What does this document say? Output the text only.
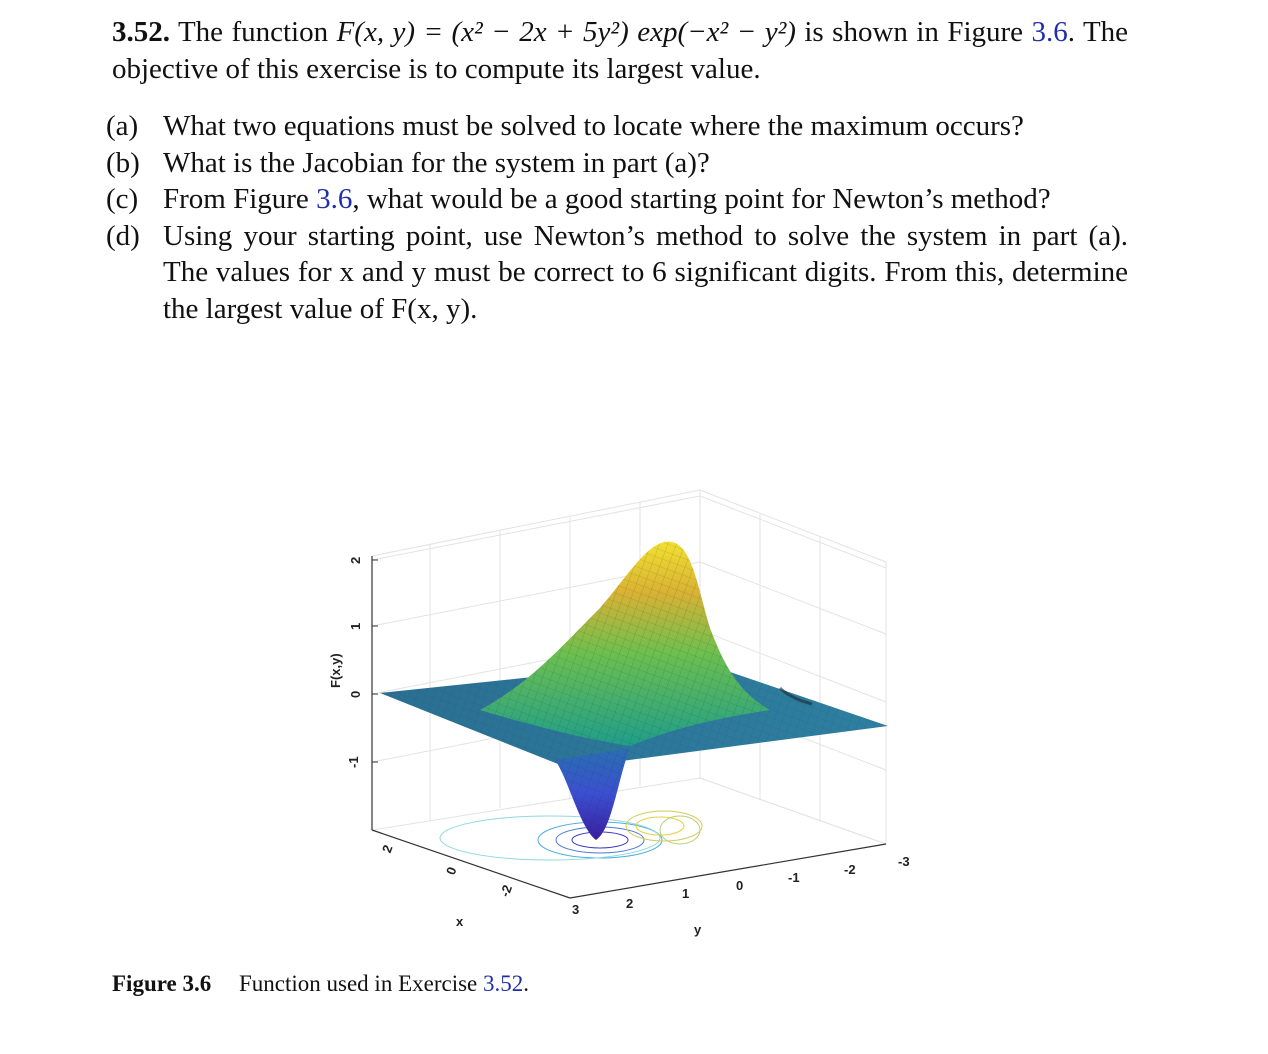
3.52. The function F(x, y) = (x² − 2x + 5y²) exp(−x² − y²) is shown in Figure 3.6. The objective of this exercise is to compute its largest value.
(a) What two equations must be solved to locate where the maximum occurs?
(b) What is the Jacobian for the system in part (a)?
(c) From Figure 3.6, what would be a good starting point for Newton’s method?
(d) Using your starting point, use Newton’s method to solve the system in part (a). The values for x and y must be correct to 6 significant digits. From this, determine the largest value of F(x, y).
2
1
0
-1
F(x,y)
2
0
-2
x
3	2
1
0
-1
-2
-3
y
Figure 3.6 Function used in Exercise 3.52.
